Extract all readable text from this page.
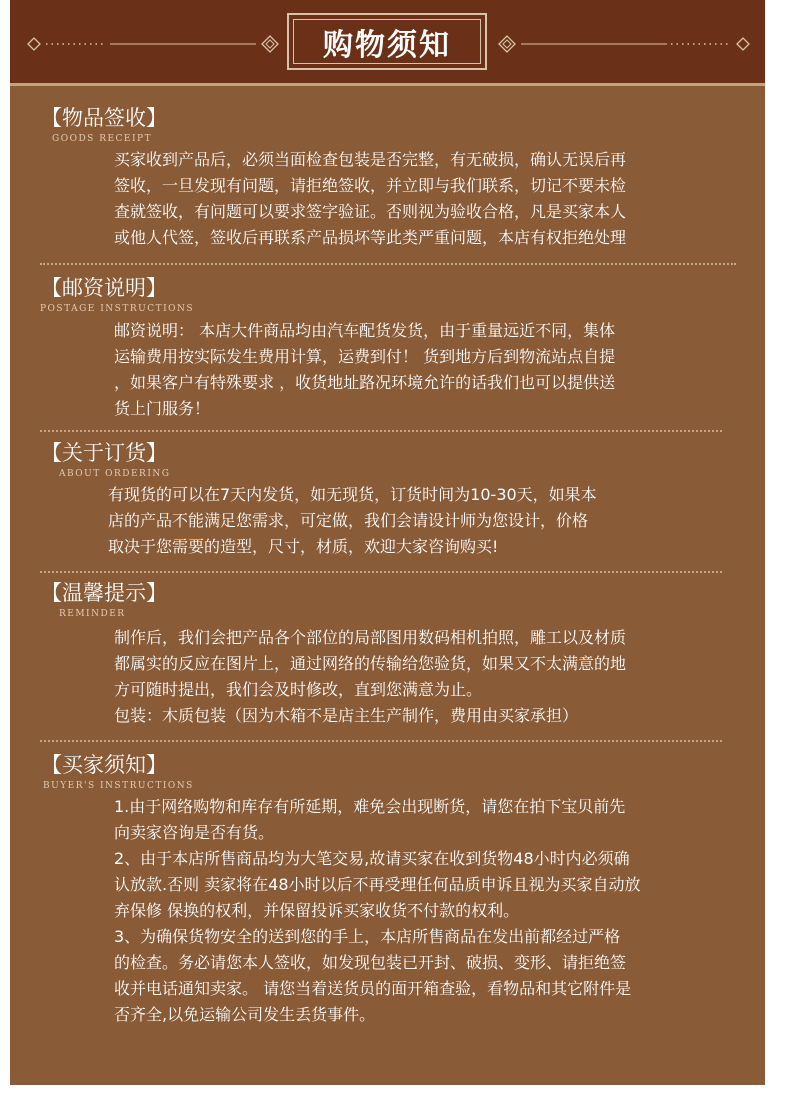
购物须知
【物品签收】
GOODS RECEIPT

买家收到产品后，必须当面检查包装是否完整，有无破损，确认无误后再

签收，一旦发现有问题，请拒绝签收，并立即与我们联系，切记不要未检

查就签收，有问题可以要求签字验证。否则视为验收合格，凡是买家本人

或他人代签，签收后再联系产品损坏等此类严重问题，本店有权拒绝处理

【邮资说明】
POSTAGE INSTRUCTIONS

邮资说明： 本店大件商品均由汽车配货发货，由于重量远近不同，集体

运输费用按实际发生费用计算，运费到付！ 货到地方后到物流站点自提

，如果客户有特殊要求 ，收货地址路况环境允许的话我们也可以提供送

货上门服务！

【关于订货】
ABOUT ORDERING

有现货的可以在7天内发货，如无现货，订货时间为10-30天，如果本

店的产品不能满足您需求，可定做，我们会请设计师为您设计，价格

取决于您需要的造型，尺寸，材质，欢迎大家咨询购买!

【温馨提示】
REMINDER

制作后，我们会把产品各个部位的局部图用数码相机拍照，雕工以及材质

都属实的反应在图片上，通过网络的传输给您验货，如果又不太满意的地

方可随时提出，我们会及时修改，直到您满意为止。

包装：木质包装（因为木箱不是店主生产制作，费用由买家承担）

【买家须知】
BUYER'S INSTRUCTIONS

1.由于网络购物和库存有所延期，难免会出现断货，请您在拍下宝贝前先

向卖家咨询是否有货。

2、由于本店所售商品均为大笔交易,故请买家在收到货物48小时内必须确

认放款.否则 卖家将在48小时以后不再受理任何品质申诉且视为买家自动放

弃保修 保换的权利，并保留投诉买家收货不付款的权利。

3、为确保货物安全的送到您的手上，本店所售商品在发出前都经过严格

的检查。务必请您本人签收，如发现包装已开封、破损、变形、请拒绝签

收并电话通知卖家。 请您当着送货员的面开箱查验，看物品和其它附件是

否齐全,以免运输公司发生丢货事件。
